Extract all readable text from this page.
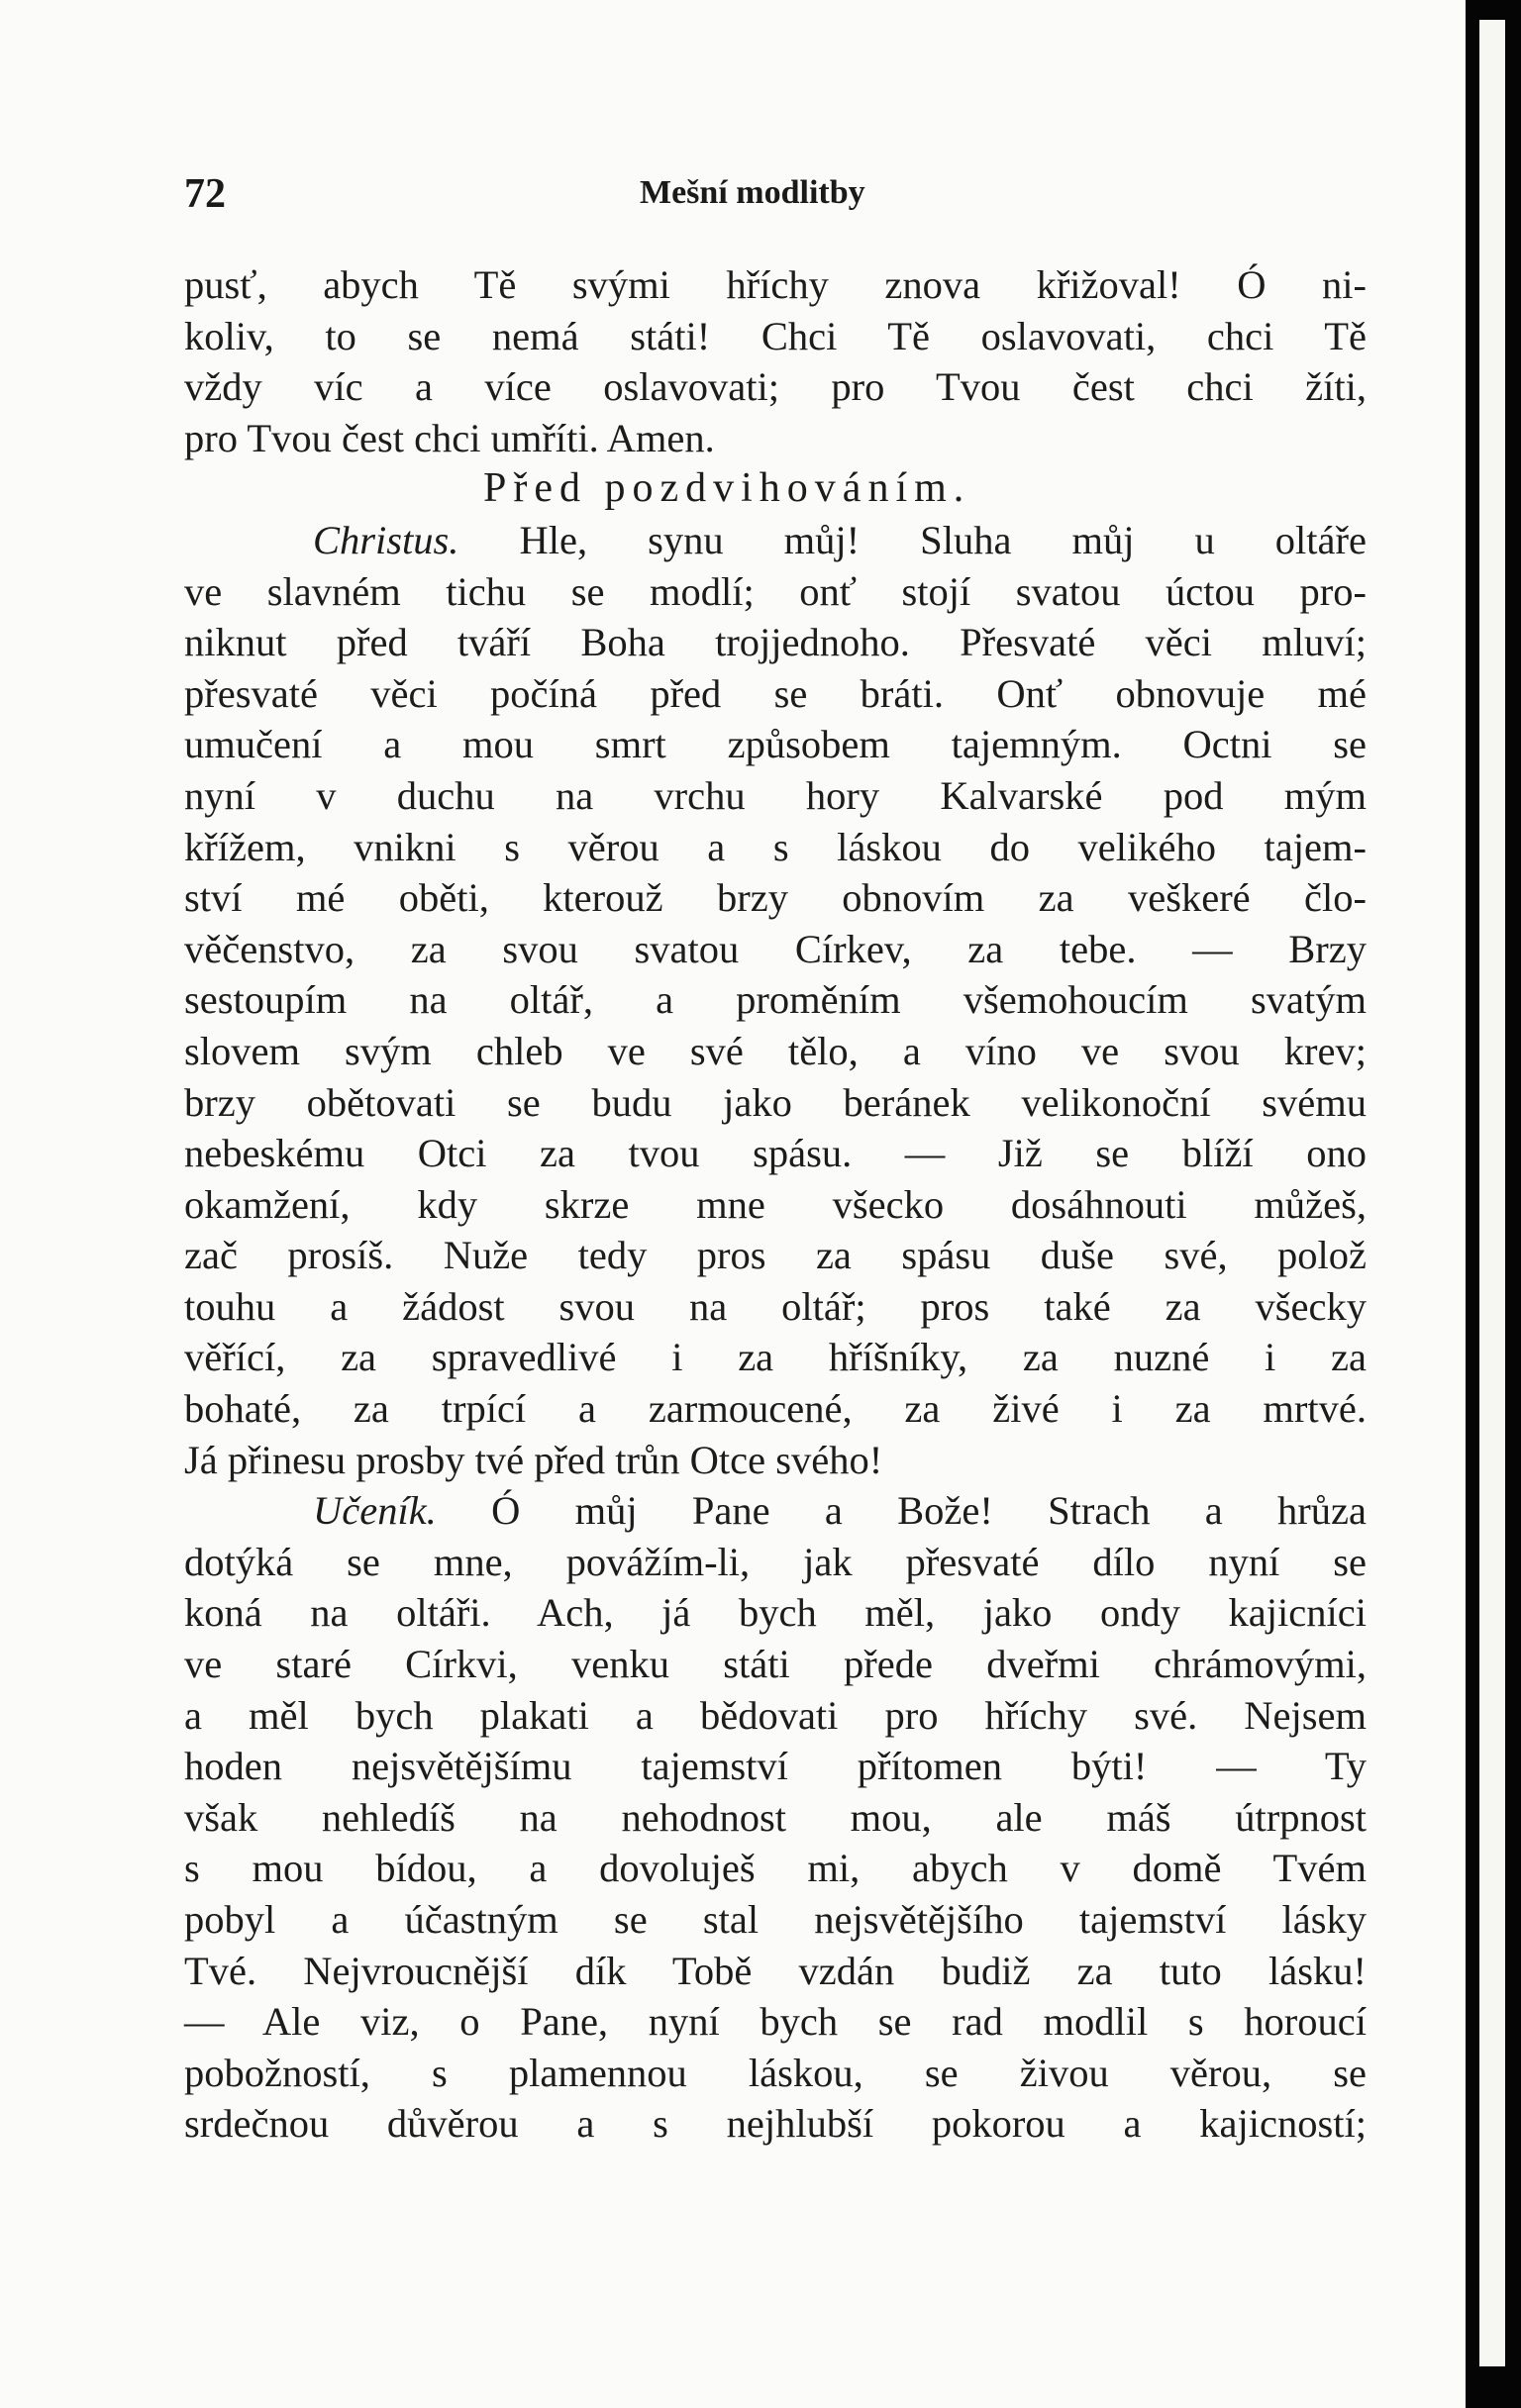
72	Mešní modlitby
pusť, abych Tě svými hříchy znova křižoval! Ó ni-
koliv, to se nemá státi! Chci Tě oslavovati, chci Tě
vždy víc a více oslavovati; pro Tvou čest chci žíti,
pro Tvou čest chci umříti. Amen.
Před pozdvihováním.
Christus. Hle, synu můj! Sluha můj u oltáře
ve slavném tichu se modlí; onť stojí svatou úctou pro-
niknut před tváří Boha trojjednoho. Přesvaté věci mluví;
přesvaté věci počíná před se bráti. Onť obnovuje mé
umučení a mou smrt způsobem tajemným. Octni se
nyní v duchu na vrchu hory Kalvarské pod mým
křížem, vnikni s věrou a s láskou do velikého tajem-
ství mé oběti, kterouž brzy obnovím za veškeré člo-
věčenstvo, za svou svatou Církev, za tebe. — Brzy
sestoupím na oltář, a proměním všemohoucím svatým
slovem svým chleb ve své tělo, a víno ve svou krev;
brzy obětovati se budu jako beránek velikonoční svému
nebeskému Otci za tvou spásu. — Již se blíží ono
okamžení, kdy skrze mne všecko dosáhnouti můžeš,
zač prosíš. Nuže tedy pros za spásu duše své, polož
touhu a žádost svou na oltář; pros také za všecky
věřící, za spravedlivé i za hříšníky, za nuzné i za
bohaté, za trpící a zarmoucené, za živé i za mrtvé.
Já přinesu prosby tvé před trůn Otce svého!
Učeník. Ó můj Pane a Bože! Strach a hrůza
dotýká se mne, povážím-li, jak přesvaté dílo nyní se
koná na oltáři. Ach, já bych měl, jako ondy kajicníci
ve staré Církvi, venku státi přede dveřmi chrámovými,
a měl bych plakati a bědovati pro hříchy své. Nejsem
hoden nejsvětějšímu tajemství přítomen býti! — Ty
však nehledíš na nehodnost mou, ale máš útrpnost
s mou bídou, a dovoluješ mi, abych v domě Tvém
pobyl a účastným se stal nejsvětějšího tajemství lásky
Tvé. Nejvroucnější dík Tobě vzdán budiž za tuto lásku!
— Ale viz, o Pane, nyní bych se rad modlil s horoucí
pobožností, s plamennou láskou, se živou věrou, se
srdečnou důvěrou a s nejhlubší pokorou a kajicností;
